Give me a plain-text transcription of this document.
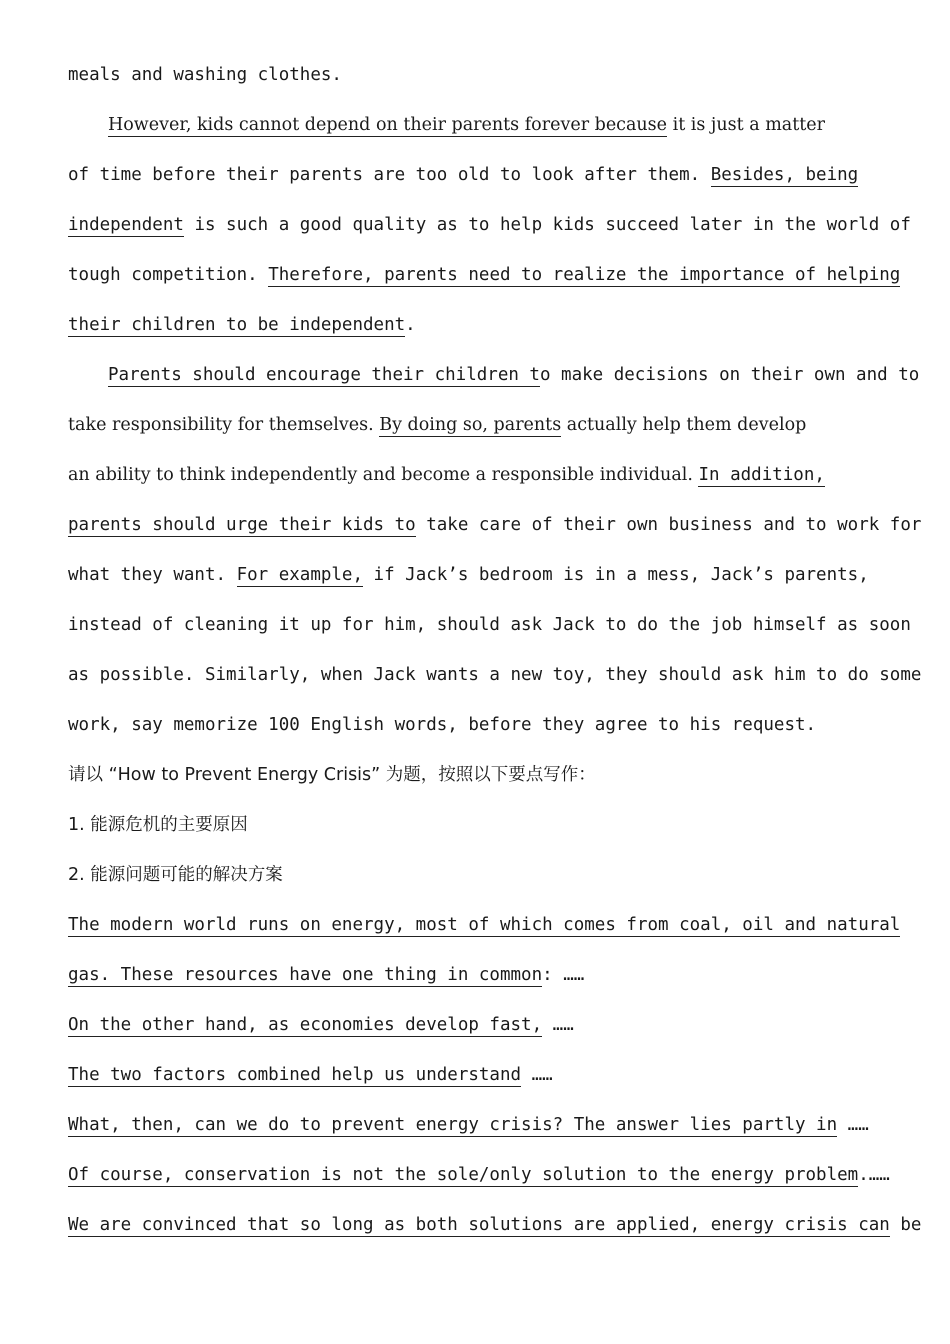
meals and washing clothes.
However, kids cannot depend on their parents forever because it is just a matter
of time before their parents are too old to look after them. Besides, being
independent is such a good quality as to help kids succeed later in the world of
tough competition. Therefore, parents need to realize the importance of helping
their children to be independent.
Parents should encourage their children to make decisions on their own and to
take responsibility for themselves. By doing so, parents actually help them develop
an ability to think independently and become a responsible individual. In addition,
parents should urge their kids to take care of their own business and to work for
what they want. For example, if Jack’s bedroom is in a mess, Jack’s parents,
instead of cleaning it up for him, should ask Jack to do the job himself as soon
as possible. Similarly, when Jack wants a new toy, they should ask him to do some
work, say memorize 100 English words, before they agree to his request.
请以 “How to Prevent Energy Crisis” 为题，按照以下要点写作：
1. 能源危机的主要原因
2. 能源问题可能的解决方案
The modern world runs on energy, most of which comes from coal, oil and natural
gas. These resources have one thing in common: ……
On the other hand, as economies develop fast, ……
The two factors combined help us understand ……
What, then, can we do to prevent energy crisis? The answer lies partly in ……
Of course, conservation is not the sole/only solution to the energy problem.……
We are convinced that so long as both solutions are applied, energy crisis can be
